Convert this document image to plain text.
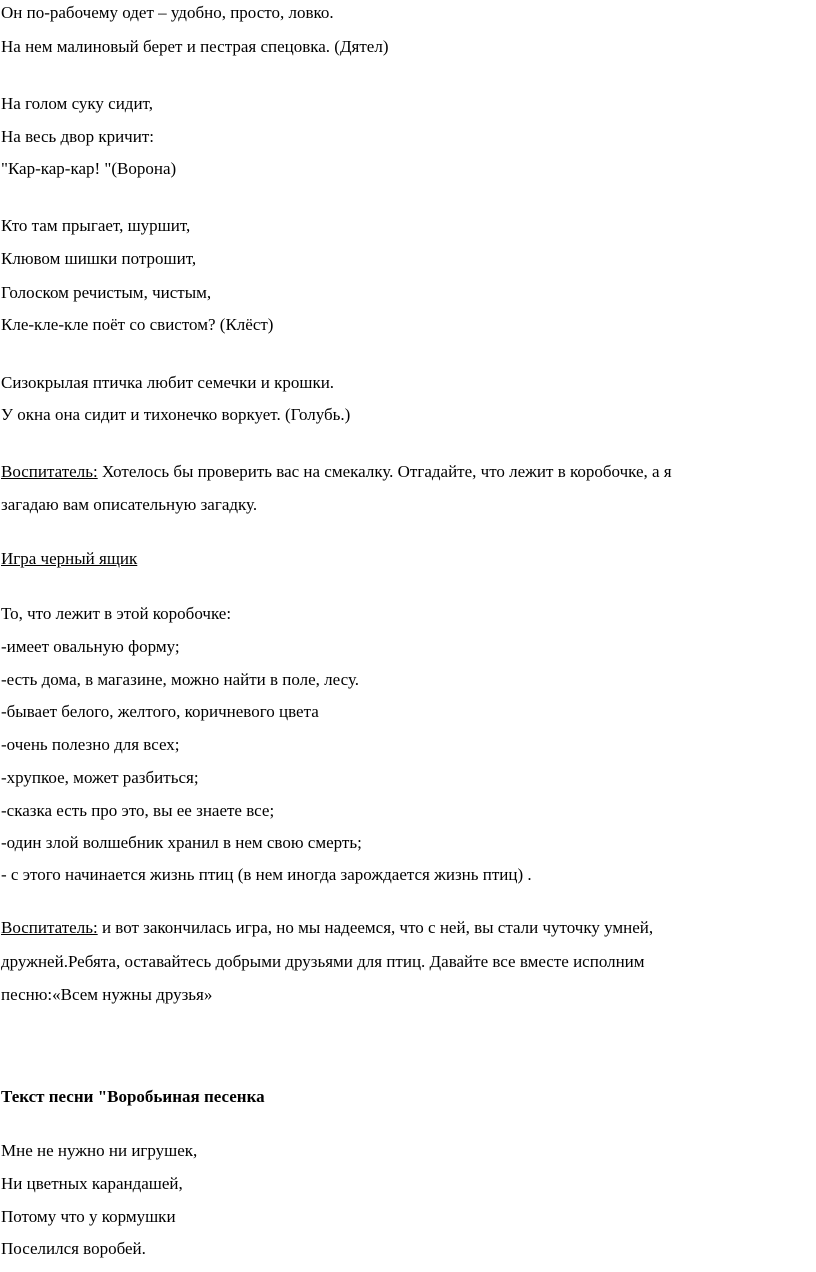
Он по-рабочему одет – удобно, просто, ловко.
На нем малиновый берет и пестрая спецовка. (Дятел)
На голом суку сидит,
На весь двор кричит:
"Кар-кар-кар! "(Ворона)
Кто там прыгает, шуршит,
Клювом шишки потрошит,
Голоском речистым, чистым,
Кле-кле-кле поёт со свистом? (Клёст)
Сизокрылая птичка любит семечки и крошки.
У окна она сидит и тихонечко воркует. (Голубь.)
Воспитатель: Хотелось бы проверить вас на смекалку. Отгадайте, что лежит в коробочке, а я
загадаю вам описательную загадку.
Игра черный ящик
То, что лежит в этой коробочке:
-имеет овальную форму;
-есть дома, в магазине, можно найти в поле, лесу.
-бывает белого, желтого, коричневого цвета
-очень полезно для всех;
-хрупкое, может разбиться;
-сказка есть про это, вы ее знаете все;
-один злой волшебник хранил в нем свою смерть;
- с этого начинается жизнь птиц (в нем иногда зарождается жизнь птиц) .
Воспитатель: и вот закончилась игра, но мы надеемся, что с ней, вы стали чуточку умней,
дружней.Ребята, оставайтесь добрыми друзьями для птиц. Давайте все вместе исполним
песню:«Всем нужны друзья»
Текст песни "Воробьиная песенка
Мне не нужно ни игрушек,
Ни цветных карандашей,
Потому что у кормушки
Поселился воробей.
